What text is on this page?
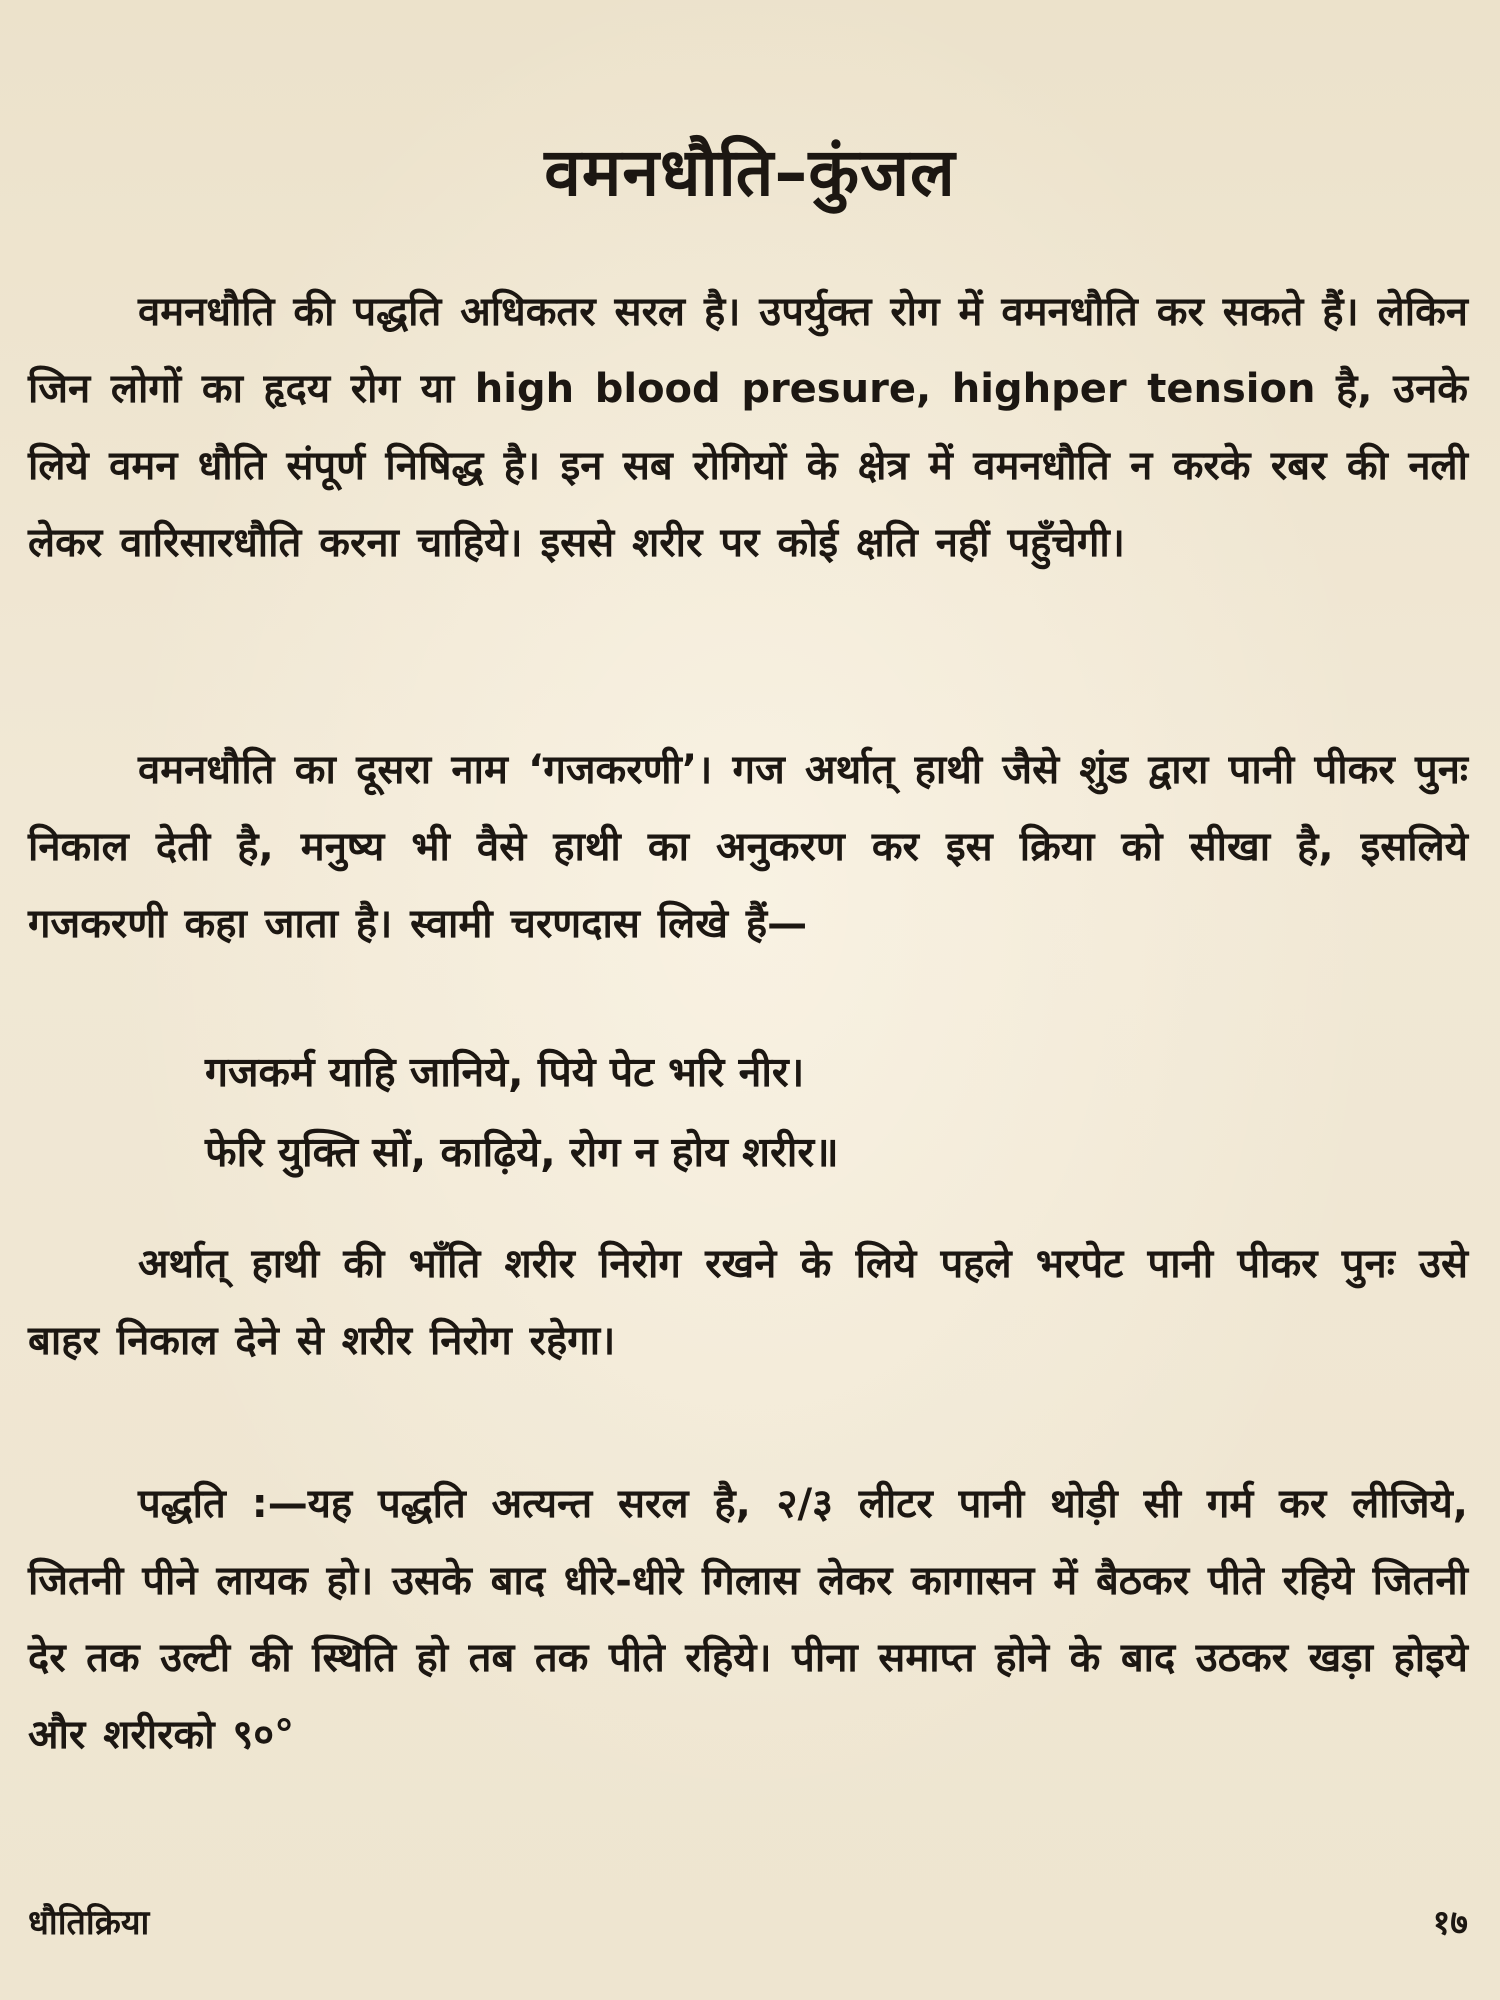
वमनधौति–कुंजल

वमनधौति की पद्धति अधिकतर सरल है। उपर्युक्त रोग में वमनधौति कर सकते हैं। लेकिन जिन लोगों का हृदय रोग या high blood presure, highper tension है, उनके लिये वमन धौति संपूर्ण निषिद्ध है। इन सब रोगियों के क्षेत्र में वमनधौति न करके रबर की नली लेकर वारिसारधौति करना चाहिये। इससे शरीर पर कोई क्षति नहीं पहुँचेगी।

वमनधौति का दूसरा नाम ‘गजकरणी’। गज अर्थात् हाथी जैसे शुंड द्वारा पानी पीकर पुनः निकाल देती है, मनुष्य भी वैसे हाथी का अनुकरण कर इस क्रिया को सीखा है, इसलिये गजकरणी कहा जाता है। स्वामी चरणदास लिखे हैं—

गजकर्म याहि जानिये, पिये पेट भरि नीर।
फेरि युक्ति सों, काढ़िये, रोग न होय शरीर॥

अर्थात् हाथी की भाँति शरीर निरोग रखने के लिये पहले भरपेट पानी पीकर पुनः उसे बाहर निकाल देने से शरीर निरोग रहेगा।

पद्धति :—यह पद्धति अत्यन्त सरल है, २/३ लीटर पानी थोड़ी सी गर्म कर लीजिये, जितनी पीने लायक हो। उसके बाद धीरे-धीरे गिलास लेकर कागासन में बैठकर पीते रहिये जितनी देर तक उल्टी की स्थिति हो तब तक पीते रहिये। पीना समाप्त होने के बाद उठकर खड़ा होइये और शरीरको ९०°

धौतिक्रिया	१७
